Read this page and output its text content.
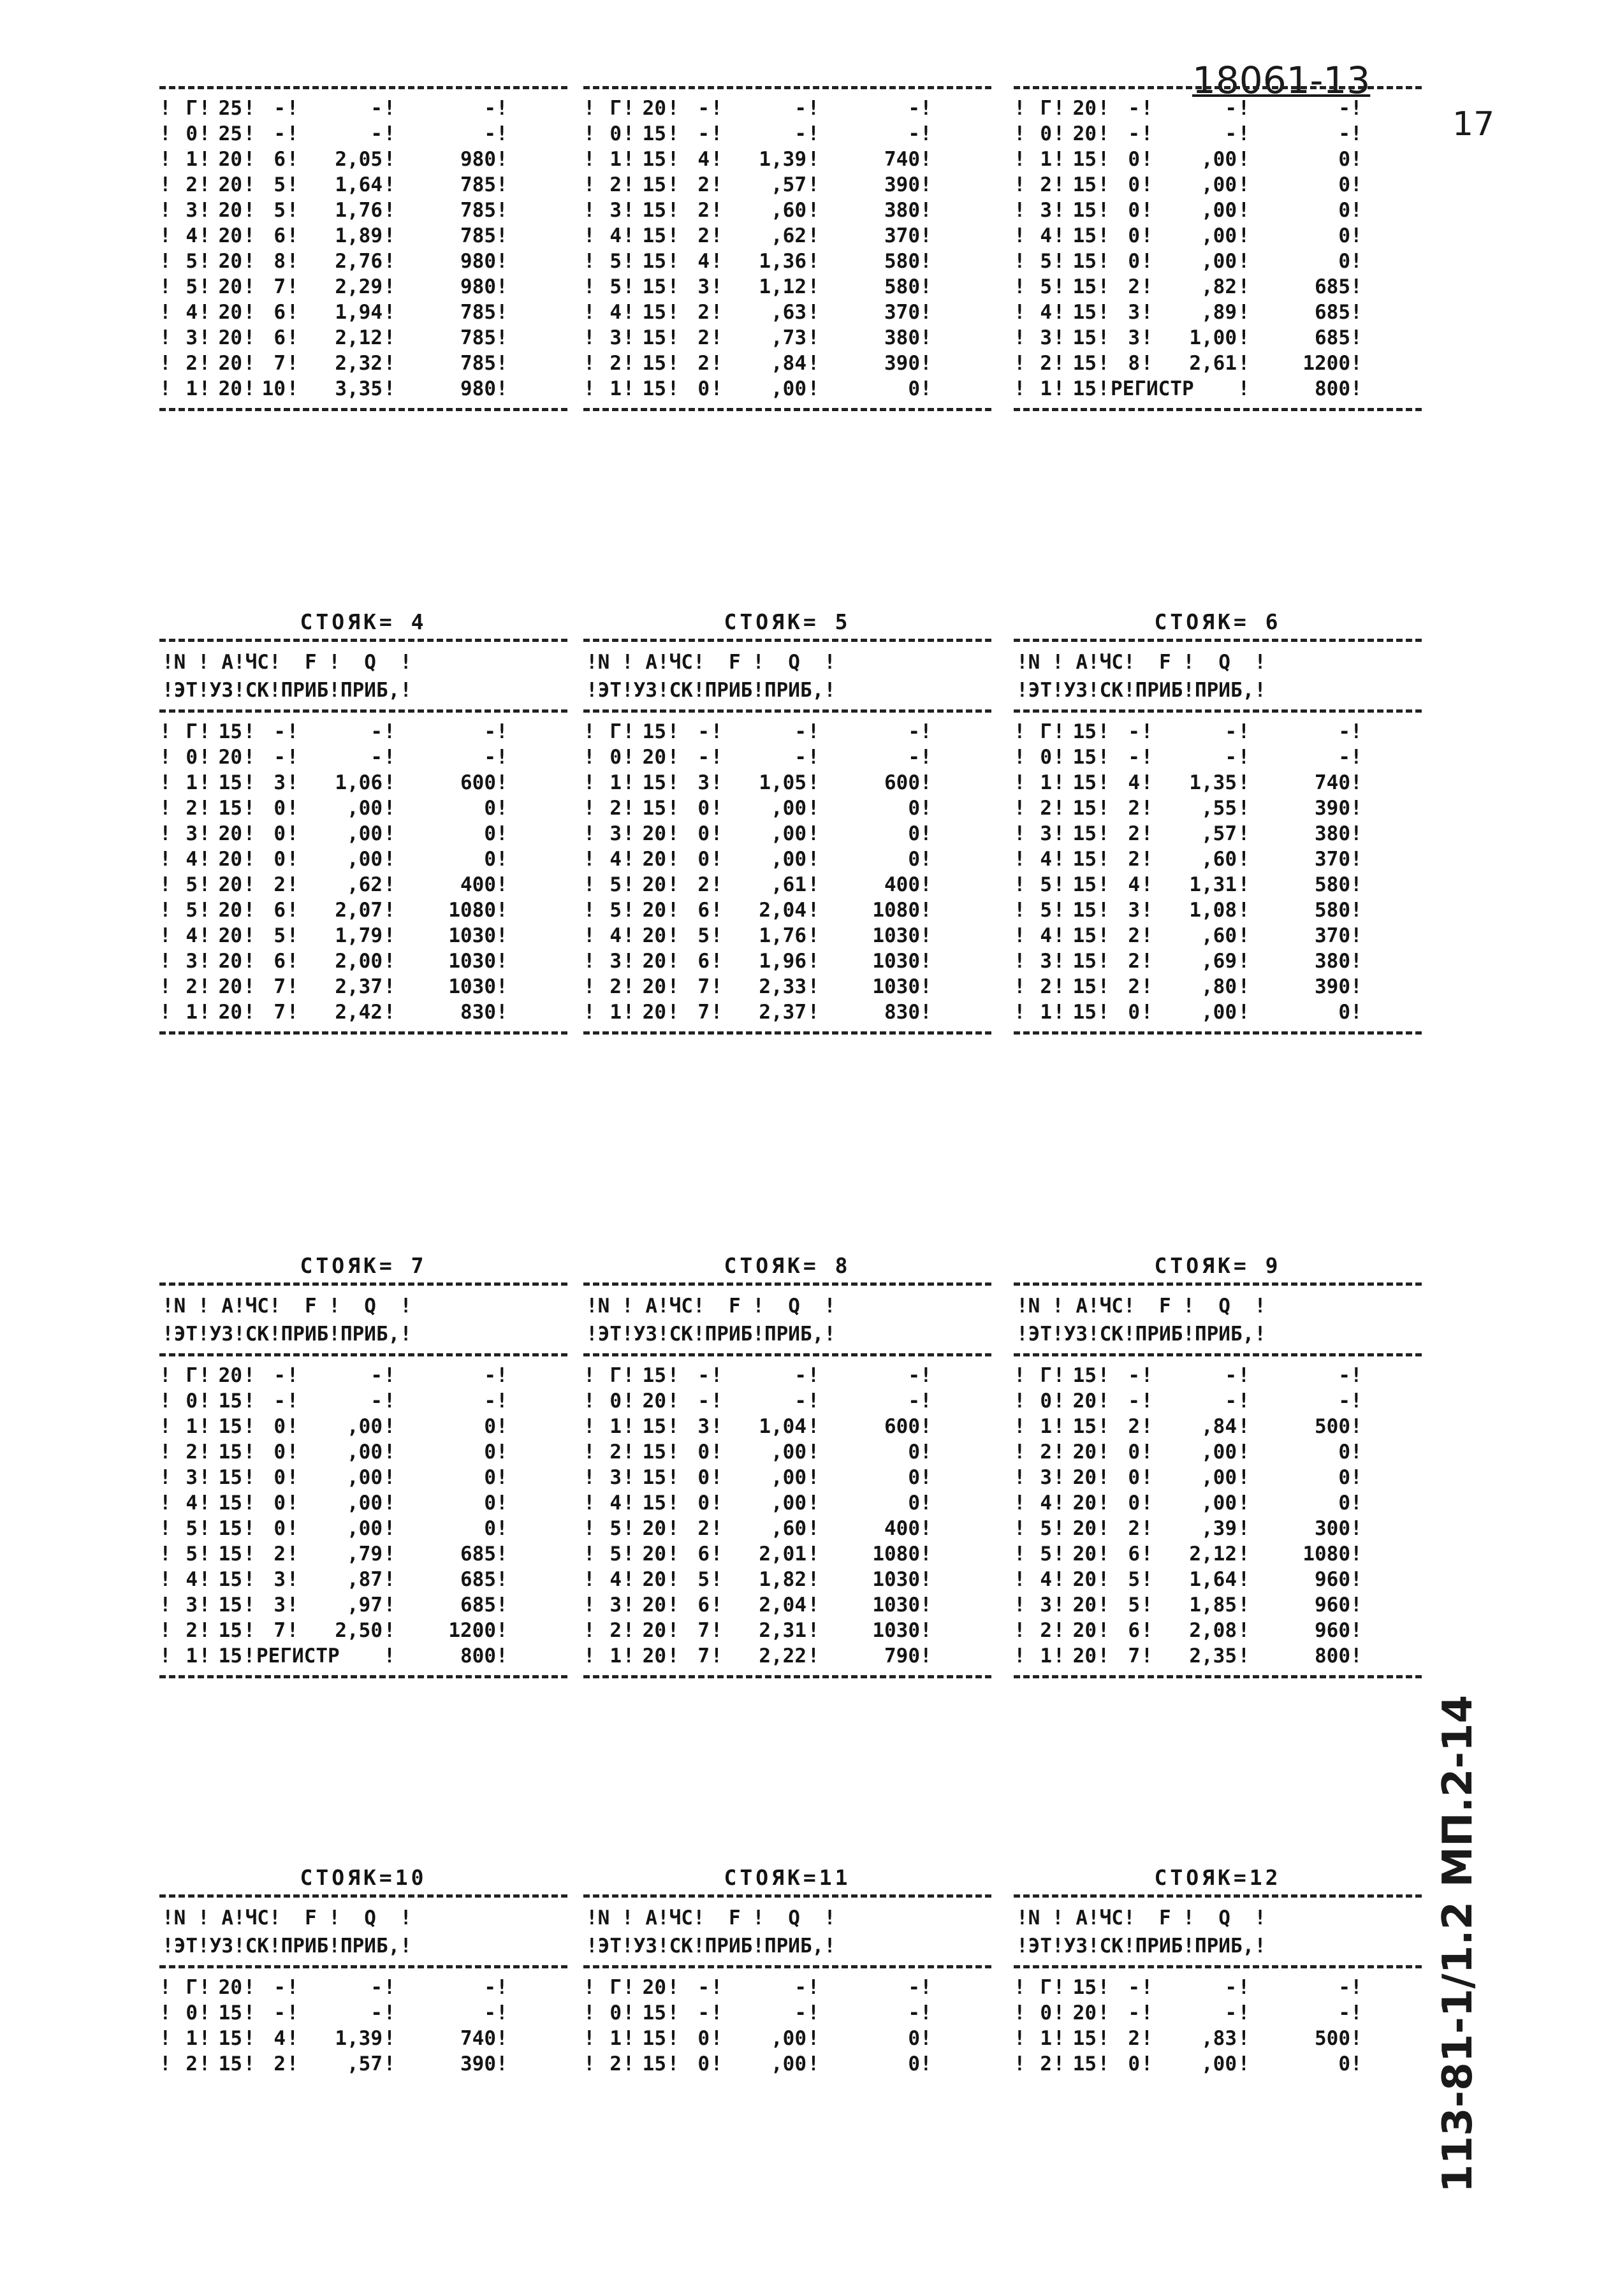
18061-13
17
113-81-1/1.2 МП.2-14
! Г ! 25 ! - !	- !	- !
! 0 ! 25 ! - !	- !	- !
! 1 ! 20 ! 6 !	2,05 !	980 !
! 2 ! 20 ! 5 !	1,64 !	785 !
! 3 ! 20 ! 5 !	1,76 !	785 !
! 4 ! 20 ! 6 !	1,89 !	785 !
! 5 ! 20 ! 8 !	2,76 !	980 !
! 5 ! 20 ! 7 !	2,29 !	980 !
! 4 ! 20 ! 6 !	1,94 !	785 !
! 3 ! 20 ! 6 !	2,12 !	785 !
! 2 ! 20 ! 7 !	2,32 !	785 !
! 1 ! 20 ! 10 !	3,35 !	980 !
! Г ! 20 ! - !	- !	- !
! 0 ! 15 ! - !	- !	- !
! 1 ! 15 ! 4 !	1,39 !	740 !
! 2 ! 15 ! 2 !	,57 !	390 !
! 3 ! 15 ! 2 !	,60 !	380 !
! 4 ! 15 ! 2 !	,62 !	370 !
! 5 ! 15 ! 4 !	1,36 !	580 !
! 5 ! 15 ! 3 !	1,12 !	580 !
! 4 ! 15 ! 2 !	,63 !	370 !
! 3 ! 15 ! 2 !	,73 !	380 !
! 2 ! 15 ! 2 !	,84 !	390 !
! 1 ! 15 ! 0 !	,00 !	0 !
! Г ! 20 ! - !	- !	- !
! 0 ! 20 ! - !	- !	- !
! 1 ! 15 ! 0 !	,00 !	0 !
! 2 ! 15 ! 0 !	,00 !	0 !
! 3 ! 15 ! 0 !	,00 !	0 !
! 4 ! 15 ! 0 !	,00 !	0 !
! 5 ! 15 ! 0 !	,00 !	0 !
! 5 ! 15 ! 2 !	,82 !	685 !
! 4 ! 15 ! 3 !	,89 !	685 !
! 3 ! 15 ! 3 !	1,00 !	685 !
! 2 ! 15 ! 8 !	2,61 !	1200 !
! 1 ! 15 ! РЕГИСТР	!	800 !
СТОЯК= 4
!N ! А!ЧС!  F !  Q  !
!ЭТ!УЗ!СК!ПРИБ!ПРИБ,!
! Г ! 15 ! - !	- !	- !
! 0 ! 20 ! - !	- !	- !
! 1 ! 15 ! 3 !	1,06 !	600 !
! 2 ! 15 ! 0 !	,00 !	0 !
! 3 ! 20 ! 0 !	,00 !	0 !
! 4 ! 20 ! 0 !	,00 !	0 !
! 5 ! 20 ! 2 !	,62 !	400 !
! 5 ! 20 ! 6 !	2,07 !	1080 !
! 4 ! 20 ! 5 !	1,79 !	1030 !
! 3 ! 20 ! 6 !	2,00 !	1030 !
! 2 ! 20 ! 7 !	2,37 !	1030 !
! 1 ! 20 ! 7 !	2,42 !	830 !
СТОЯК= 5
!N ! А!ЧС!  F !  Q  !
!ЭТ!УЗ!СК!ПРИБ!ПРИБ,!
! Г ! 15 ! - !	- !	- !
! 0 ! 20 ! - !	- !	- !
! 1 ! 15 ! 3 !	1,05 !	600 !
! 2 ! 15 ! 0 !	,00 !	0 !
! 3 ! 20 ! 0 !	,00 !	0 !
! 4 ! 20 ! 0 !	,00 !	0 !
! 5 ! 20 ! 2 !	,61 !	400 !
! 5 ! 20 ! 6 !	2,04 !	1080 !
! 4 ! 20 ! 5 !	1,76 !	1030 !
! 3 ! 20 ! 6 !	1,96 !	1030 !
! 2 ! 20 ! 7 !	2,33 !	1030 !
! 1 ! 20 ! 7 !	2,37 !	830 !
СТОЯК= 6
!N ! А!ЧС!  F !  Q  !
!ЭТ!УЗ!СК!ПРИБ!ПРИБ,!
! Г ! 15 ! - !	- !	- !
! 0 ! 15 ! - !	- !	- !
! 1 ! 15 ! 4 !	1,35 !	740 !
! 2 ! 15 ! 2 !	,55 !	390 !
! 3 ! 15 ! 2 !	,57 !	380 !
! 4 ! 15 ! 2 !	,60 !	370 !
! 5 ! 15 ! 4 !	1,31 !	580 !
! 5 ! 15 ! 3 !	1,08 !	580 !
! 4 ! 15 ! 2 !	,60 !	370 !
! 3 ! 15 ! 2 !	,69 !	380 !
! 2 ! 15 ! 2 !	,80 !	390 !
! 1 ! 15 ! 0 !	,00 !	0 !
СТОЯК= 7
!N ! А!ЧС!  F !  Q  !
!ЭТ!УЗ!СК!ПРИБ!ПРИБ,!
! Г ! 20 ! - !	- !	- !
! 0 ! 15 ! - !	- !	- !
! 1 ! 15 ! 0 !	,00 !	0 !
! 2 ! 15 ! 0 !	,00 !	0 !
! 3 ! 15 ! 0 !	,00 !	0 !
! 4 ! 15 ! 0 !	,00 !	0 !
! 5 ! 15 ! 0 !	,00 !	0 !
! 5 ! 15 ! 2 !	,79 !	685 !
! 4 ! 15 ! 3 !	,87 !	685 !
! 3 ! 15 ! 3 !	,97 !	685 !
! 2 ! 15 ! 7 !	2,50 !	1200 !
! 1 ! 15 ! РЕГИСТР	!	800 !
СТОЯК= 8
!N ! А!ЧС!  F !  Q  !
!ЭТ!УЗ!СК!ПРИБ!ПРИБ,!
! Г ! 15 ! - !	- !	- !
! 0 ! 20 ! - !	- !	- !
! 1 ! 15 ! 3 !	1,04 !	600 !
! 2 ! 15 ! 0 !	,00 !	0 !
! 3 ! 15 ! 0 !	,00 !	0 !
! 4 ! 15 ! 0 !	,00 !	0 !
! 5 ! 20 ! 2 !	,60 !	400 !
! 5 ! 20 ! 6 !	2,01 !	1080 !
! 4 ! 20 ! 5 !	1,82 !	1030 !
! 3 ! 20 ! 6 !	2,04 !	1030 !
! 2 ! 20 ! 7 !	2,31 !	1030 !
! 1 ! 20 ! 7 !	2,22 !	790 !
СТОЯК= 9
!N ! А!ЧС!  F !  Q  !
!ЭТ!УЗ!СК!ПРИБ!ПРИБ,!
! Г ! 15 ! - !	- !	- !
! 0 ! 20 ! - !	- !	- !
! 1 ! 15 ! 2 !	,84 !	500 !
! 2 ! 20 ! 0 !	,00 !	0 !
! 3 ! 20 ! 0 !	,00 !	0 !
! 4 ! 20 ! 0 !	,00 !	0 !
! 5 ! 20 ! 2 !	,39 !	300 !
! 5 ! 20 ! 6 !	2,12 !	1080 !
! 4 ! 20 ! 5 !	1,64 !	960 !
! 3 ! 20 ! 5 !	1,85 !	960 !
! 2 ! 20 ! 6 !	2,08 !	960 !
! 1 ! 20 ! 7 !	2,35 !	800 !
СТОЯК=10
!N ! А!ЧС!  F !  Q  !
!ЭТ!УЗ!СК!ПРИБ!ПРИБ,!
! Г ! 20 ! - !	- !	- !
! 0 ! 15 ! - !	- !	- !
! 1 ! 15 ! 4 !	1,39 !	740 !
! 2 ! 15 ! 2 !	,57 !	390 !
СТОЯК=11
!N ! А!ЧС!  F !  Q  !
!ЭТ!УЗ!СК!ПРИБ!ПРИБ,!
! Г ! 20 ! - !	- !	- !
! 0 ! 15 ! - !	- !	- !
! 1 ! 15 ! 0 !	,00 !	0 !
! 2 ! 15 ! 0 !	,00 !	0 !
СТОЯК=12
!N ! А!ЧС!  F !  Q  !
!ЭТ!УЗ!СК!ПРИБ!ПРИБ,!
! Г ! 15 ! - !	- !	- !
! 0 ! 20 ! - !	- !	- !
! 1 ! 15 ! 2 !	,83 !	500 !
! 2 ! 15 ! 0 !	,00 !	0 !
